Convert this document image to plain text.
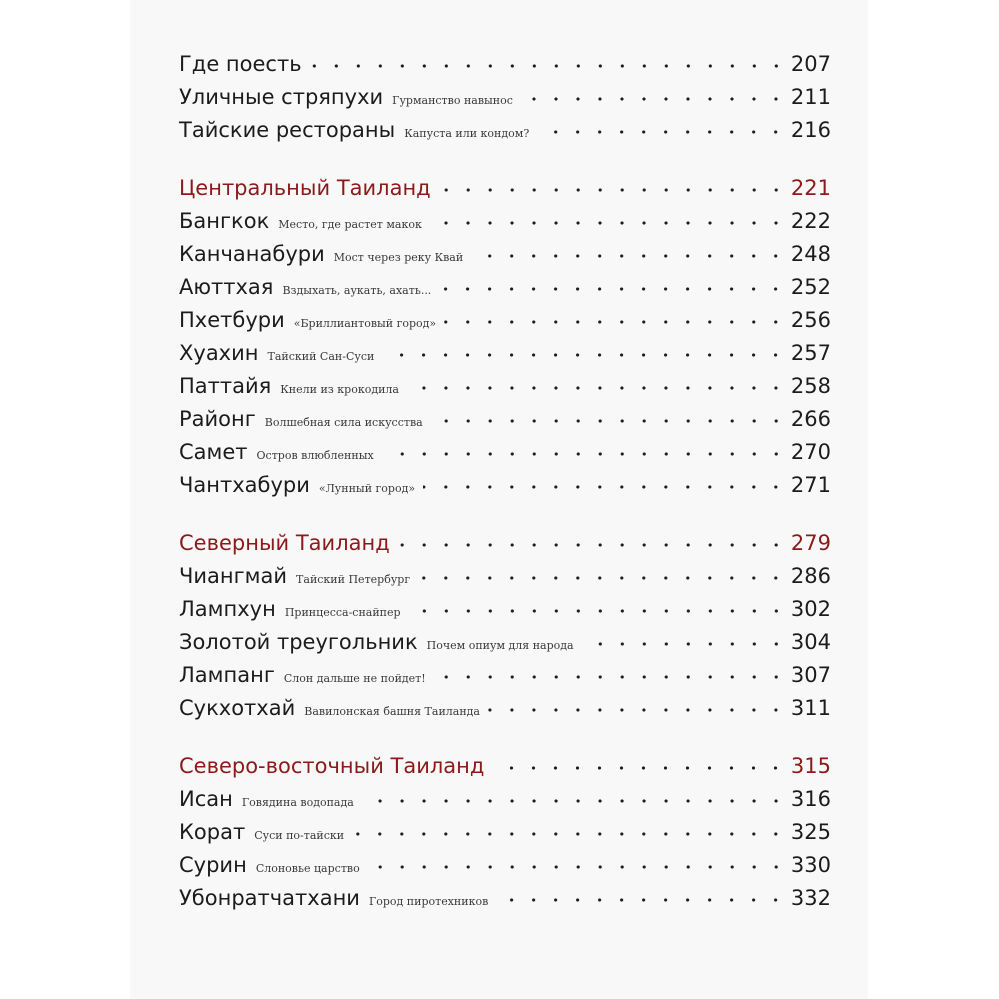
Где поесть	207
Уличные стряпухи Гурманство навынос	211
Тайские рестораны Капуста или кондом?	216
Центральный Таиланд	221
Бангкок Место, где растет макок	222
Канчанабури Мост через реку Квай	248
Аюттхая Вздыхать, аукать, ахать...	252
Пхетбури «Бриллиантовый город»	256
Хуахин Тайский Сан-Суси	257
Паттайя Кнели из крокодила	258
Районг Волшебная сила искусства	266
Самет Остров влюбленных	270
Чантхабури «Лунный город»	271
Северный Таиланд	279
Чиангмай Тайский Петербург	286
Лампхун Принцесса-снайпер	302
Золотой треугольник Почем опиум для народа	304
Лампанг Слон дальше не пойдет!	307
Сукхотхай Вавилонская башня Таиланда	311
Северо-восточный Таиланд	315
Исан Говядина водопада	316
Корат Суси по-тайски	325
Сурин Слоновье царство	330
Убонратчатхани Город пиротехников	332
